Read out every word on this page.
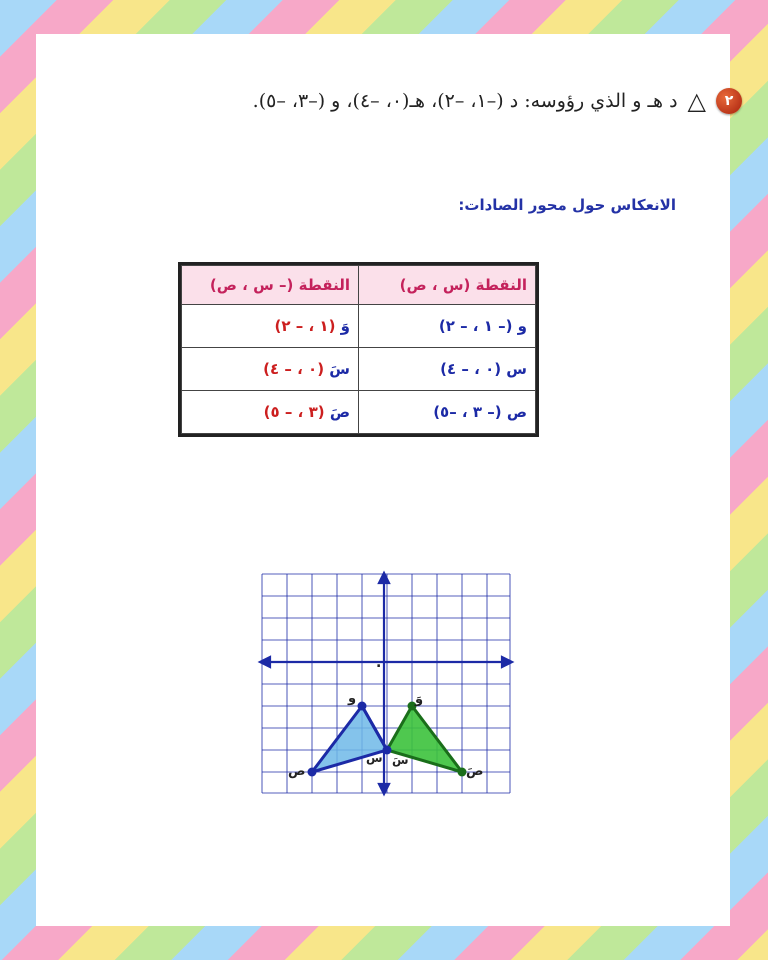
٢
△
د هـ و الذي رؤوسه: د (–١، –٢)، هـ(٠، –٤)، و (–٣، –٥).
الانعكاس حول محور الصادات:
النقطة (س ، ص)	النقطة (– س ، ص)
و (– ١ ، – ٢)	وَ (١ ، – ٢)
س (٠ ، – ٤)	سَ (٠ ، – ٤)
ص (– ٣ ، –٥)	صَ (٣ ، – ٥)
.
و	وَ
س سَ
ص	صَ
